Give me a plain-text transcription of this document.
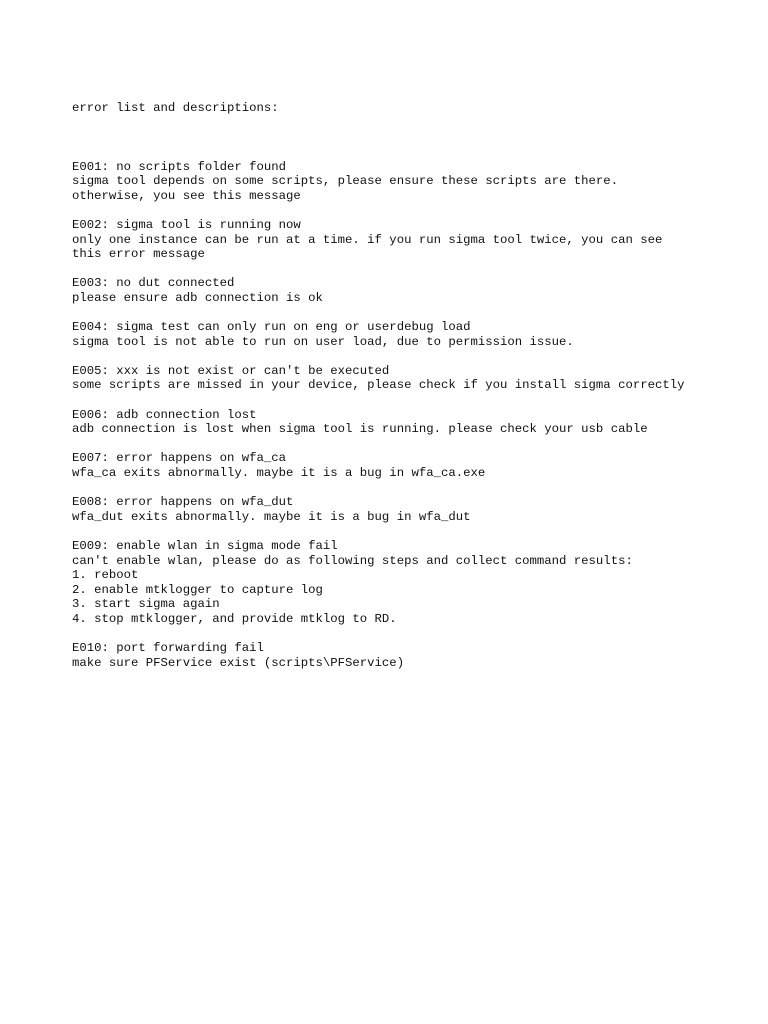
error list and descriptions:

E001: no scripts folder found
sigma tool depends on some scripts, please ensure these scripts are there.
otherwise, you see this message
E002: sigma tool is running now
only one instance can be run at a time. if you run sigma tool twice, you can see
this error message
E003: no dut connected
please ensure adb connection is ok
E004: sigma test can only run on eng or userdebug load
sigma tool is not able to run on user load, due to permission issue.
E005: xxx is not exist or can't be executed
some scripts are missed in your device, please check if you install sigma correctly
E006: adb connection lost
adb connection is lost when sigma tool is running. please check your usb cable
E007: error happens on wfa_ca
wfa_ca exits abnormally. maybe it is a bug in wfa_ca.exe
E008: error happens on wfa_dut
wfa_dut exits abnormally. maybe it is a bug in wfa_dut
E009: enable wlan in sigma mode fail
can't enable wlan, please do as following steps and collect command results:
1. reboot
2. enable mtklogger to capture log
3. start sigma again
4. stop mtklogger, and provide mtklog to RD.
E010: port forwarding fail
make sure PFService exist (scripts\PFService)
